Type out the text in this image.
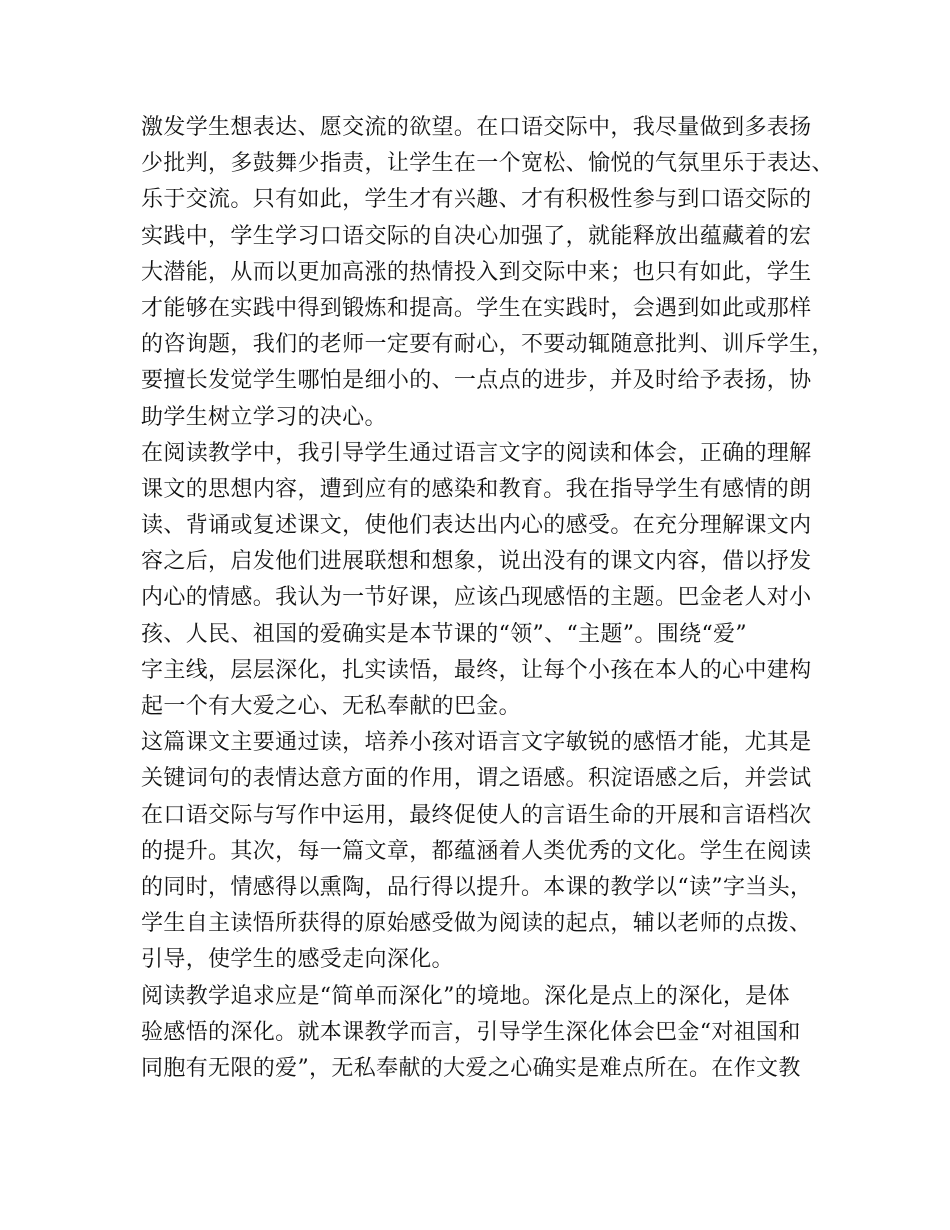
激发学生想表达、愿交流的欲望。在口语交际中，我尽量做到多表扬
少批判，多鼓舞少指责，让学生在一个宽松、愉悦的气氛里乐于表达、
乐于交流。只有如此，学生才有兴趣、才有积极性参与到口语交际的
实践中，学生学习口语交际的自决心加强了，就能释放出蕴藏着的宏
大潜能，从而以更加高涨的热情投入到交际中来；也只有如此，学生
才能够在实践中得到锻炼和提高。学生在实践时，会遇到如此或那样
的咨询题，我们的老师一定要有耐心，不要动辄随意批判、训斥学生，
要擅长发觉学生哪怕是细小的、一点点的进步，并及时给予表扬，协
助学生树立学习的决心。
在阅读教学中，我引导学生通过语言文字的阅读和体会，正确的理解
课文的思想内容，遭到应有的感染和教育。我在指导学生有感情的朗
读、背诵或复述课文，使他们表达出内心的感受。在充分理解课文内
容之后，启发他们进展联想和想象，说出没有的课文内容，借以抒发
内心的情感。我认为一节好课，应该凸现感悟的主题。巴金老人对小
孩、人民、祖国的爱确实是本节课的“领”、“主题”。围绕“爱”
字主线，层层深化，扎实读悟，最终，让每个小孩在本人的心中建构
起一个有大爱之心、无私奉献的巴金。
这篇课文主要通过读，培养小孩对语言文字敏锐的感悟才能，尤其是
关键词句的表情达意方面的作用，谓之语感。积淀语感之后，并尝试
在口语交际与写作中运用，最终促使人的言语生命的开展和言语档次
的提升。其次，每一篇文章，都蕴涵着人类优秀的文化。学生在阅读
的同时，情感得以熏陶，品行得以提升。本课的教学以“读”字当头，
学生自主读悟所获得的原始感受做为阅读的起点，辅以老师的点拨、
引导，使学生的感受走向深化。
阅读教学追求应是“简单而深化”的境地。深化是点上的深化，是体
验感悟的深化。就本课教学而言，引导学生深化体会巴金“对祖国和
同胞有无限的爱”，无私奉献的大爱之心确实是难点所在。在作文教
